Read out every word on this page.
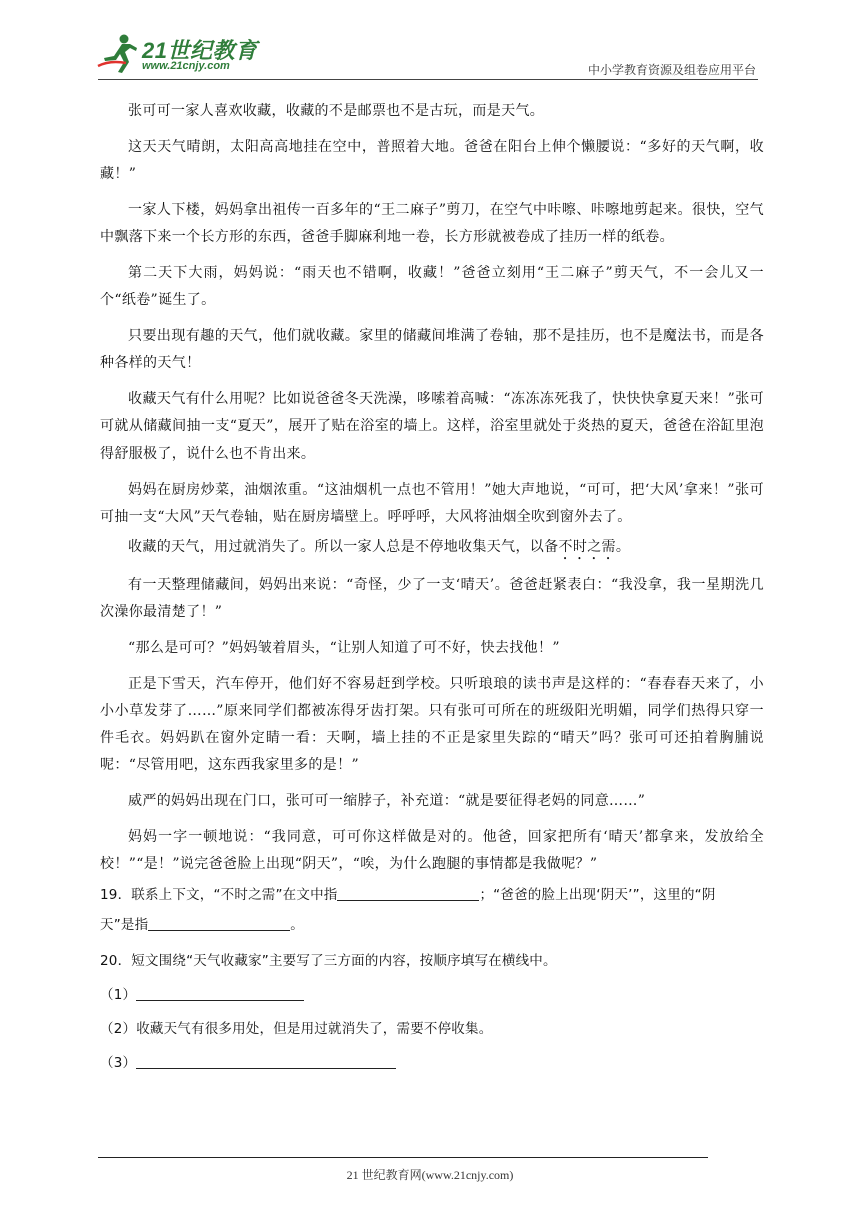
21世纪教育
www.21cnjy.com	中小学教育资源及组卷应用平台

张可可一家人喜欢收藏，收藏的不是邮票也不是古玩，而是天气。

这天天气晴朗，太阳高高地挂在空中，普照着大地。爸爸在阳台上伸个懒腰说：“多好的天气啊，收藏！”

一家人下楼，妈妈拿出祖传一百多年的“王二麻子”剪刀，在空气中咔嚓、咔嚓地剪起来。很快，空气中飘落下来一个长方形的东西，爸爸手脚麻利地一卷，长方形就被卷成了挂历一样的纸卷。

第二天下大雨，妈妈说：“雨天也不错啊，收藏！”爸爸立刻用“王二麻子”剪天气，不一会儿又一个“纸卷”诞生了。

只要出现有趣的天气，他们就收藏。家里的储藏间堆满了卷轴，那不是挂历，也不是魔法书，而是各种各样的天气！

收藏天气有什么用呢？比如说爸爸冬天洗澡，哆嗦着高喊：“冻冻冻死我了，快快快拿夏天来！”张可可就从储藏间抽一支“夏天”，展开了贴在浴室的墙上。这样，浴室里就处于炎热的夏天，爸爸在浴缸里泡得舒服极了，说什么也不肯出来。

妈妈在厨房炒菜，油烟浓重。“这油烟机一点也不管用！”她大声地说，“可可，把‘大风’拿来！”张可可抽一支“大风”天气卷轴，贴在厨房墙壁上。呼呼呼，大风将油烟全吹到窗外去了。

收藏的天气，用过就消失了。所以一家人总是不停地收集天气，以备不时之需。

有一天整理储藏间，妈妈出来说：“奇怪，少了一支‘晴天’。爸爸赶紧表白：“我没拿，我一星期洗几次澡你最清楚了！”

“那么是可可？”妈妈皱着眉头，“让别人知道了可不好，快去找他！”

正是下雪天，汽车停开，他们好不容易赶到学校。只听琅琅的读书声是这样的：“春春春天来了，小小小草发芽了……”原来同学们都被冻得牙齿打架。只有张可可所在的班级阳光明媚，同学们热得只穿一件毛衣。妈妈趴在窗外定睛一看：天啊，墙上挂的不正是家里失踪的“晴天”吗？张可可还拍着胸脯说呢：“尽管用吧，这东西我家里多的是！”

威严的妈妈出现在门口，张可可一缩脖子，补充道：“就是要征得老妈的同意……”

妈妈一字一顿地说：“我同意，可可你这样做是对的。他爸，回家把所有‘晴天’都拿来，发放给全校！”“是！”说完爸爸脸上出现“阴天”，“唉，为什么跑腿的事情都是我做呢？”

19．联系上下文，“不时之需”在文中指	；“爸爸的脸上出现‘阴天’”，这里的“阴

天”是指	。

20．短文围绕“天气收藏家”主要写了三方面的内容，按顺序填写在横线中。

（1）

（2）收藏天气有很多用处，但是用过就消失了，需要不停收集。

（3）

21 世纪教育网(www.21cnjy.com)
